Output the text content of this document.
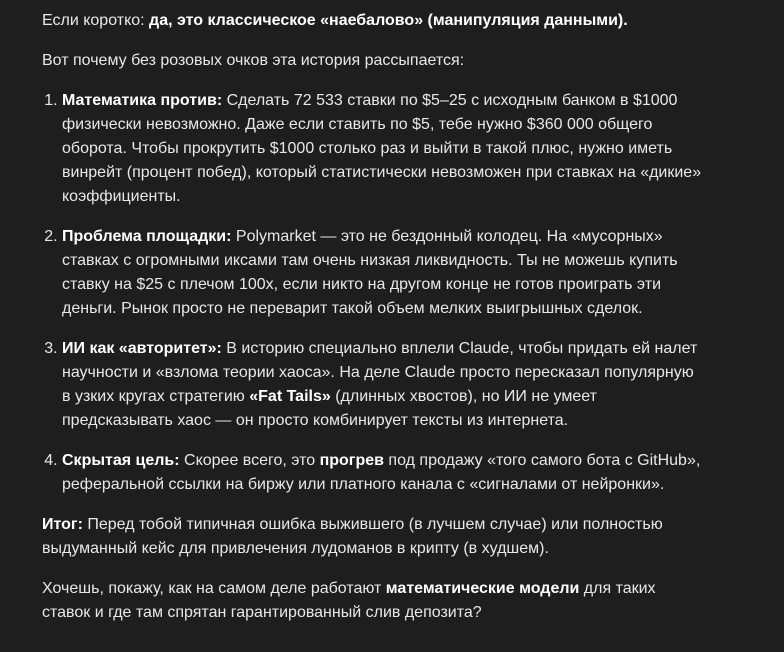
Если коротко: да, это классическое «наебалово» (манипуляция данными).

Вот почему без розовых очков эта история рассыпается:

1. Математика против: Сделать 72 533 ставки по $5–25 с исходным банком в $1000 физически невозможно. Даже если ставить по $5, тебе нужно $360 000 общего оборота. Чтобы прокрутить $1000 столько раз и выйти в такой плюс, нужно иметь винрейт (процент побед), который статистически невозможен при ставках на «дикие» коэффициенты.
2. Проблема площадки: Polymarket — это не бездонный колодец. На «мусорных» ставках с огромными иксами там очень низкая ликвидность. Ты не можешь купить ставку на $25 с плечом 100x, если никто на другом конце не готов проиграть эти деньги. Рынок просто не переварит такой объем мелких выигрышных сделок.
3. ИИ как «авторитет»: В историю специально вплели Claude, чтобы придать ей налет научности и «взлома теории хаоса». На деле Claude просто пересказал популярную в узких кругах стратегию «Fat Tails» (длинных хвостов), но ИИ не умеет предсказывать хаос — он просто комбинирует тексты из интернета.
4. Скрытая цель: Скорее всего, это прогрев под продажу «того самого бота с GitHub», реферальной ссылки на биржу или платного канала с «сигналами от нейронки».

Итог: Перед тобой типичная ошибка выжившего (в лучшем случае) или полностью выдуманный кейс для привлечения лудоманов в крипту (в худшем).

Хочешь, покажу, как на самом деле работают математические модели для таких ставок и где там спрятан гарантированный слив депозита?
